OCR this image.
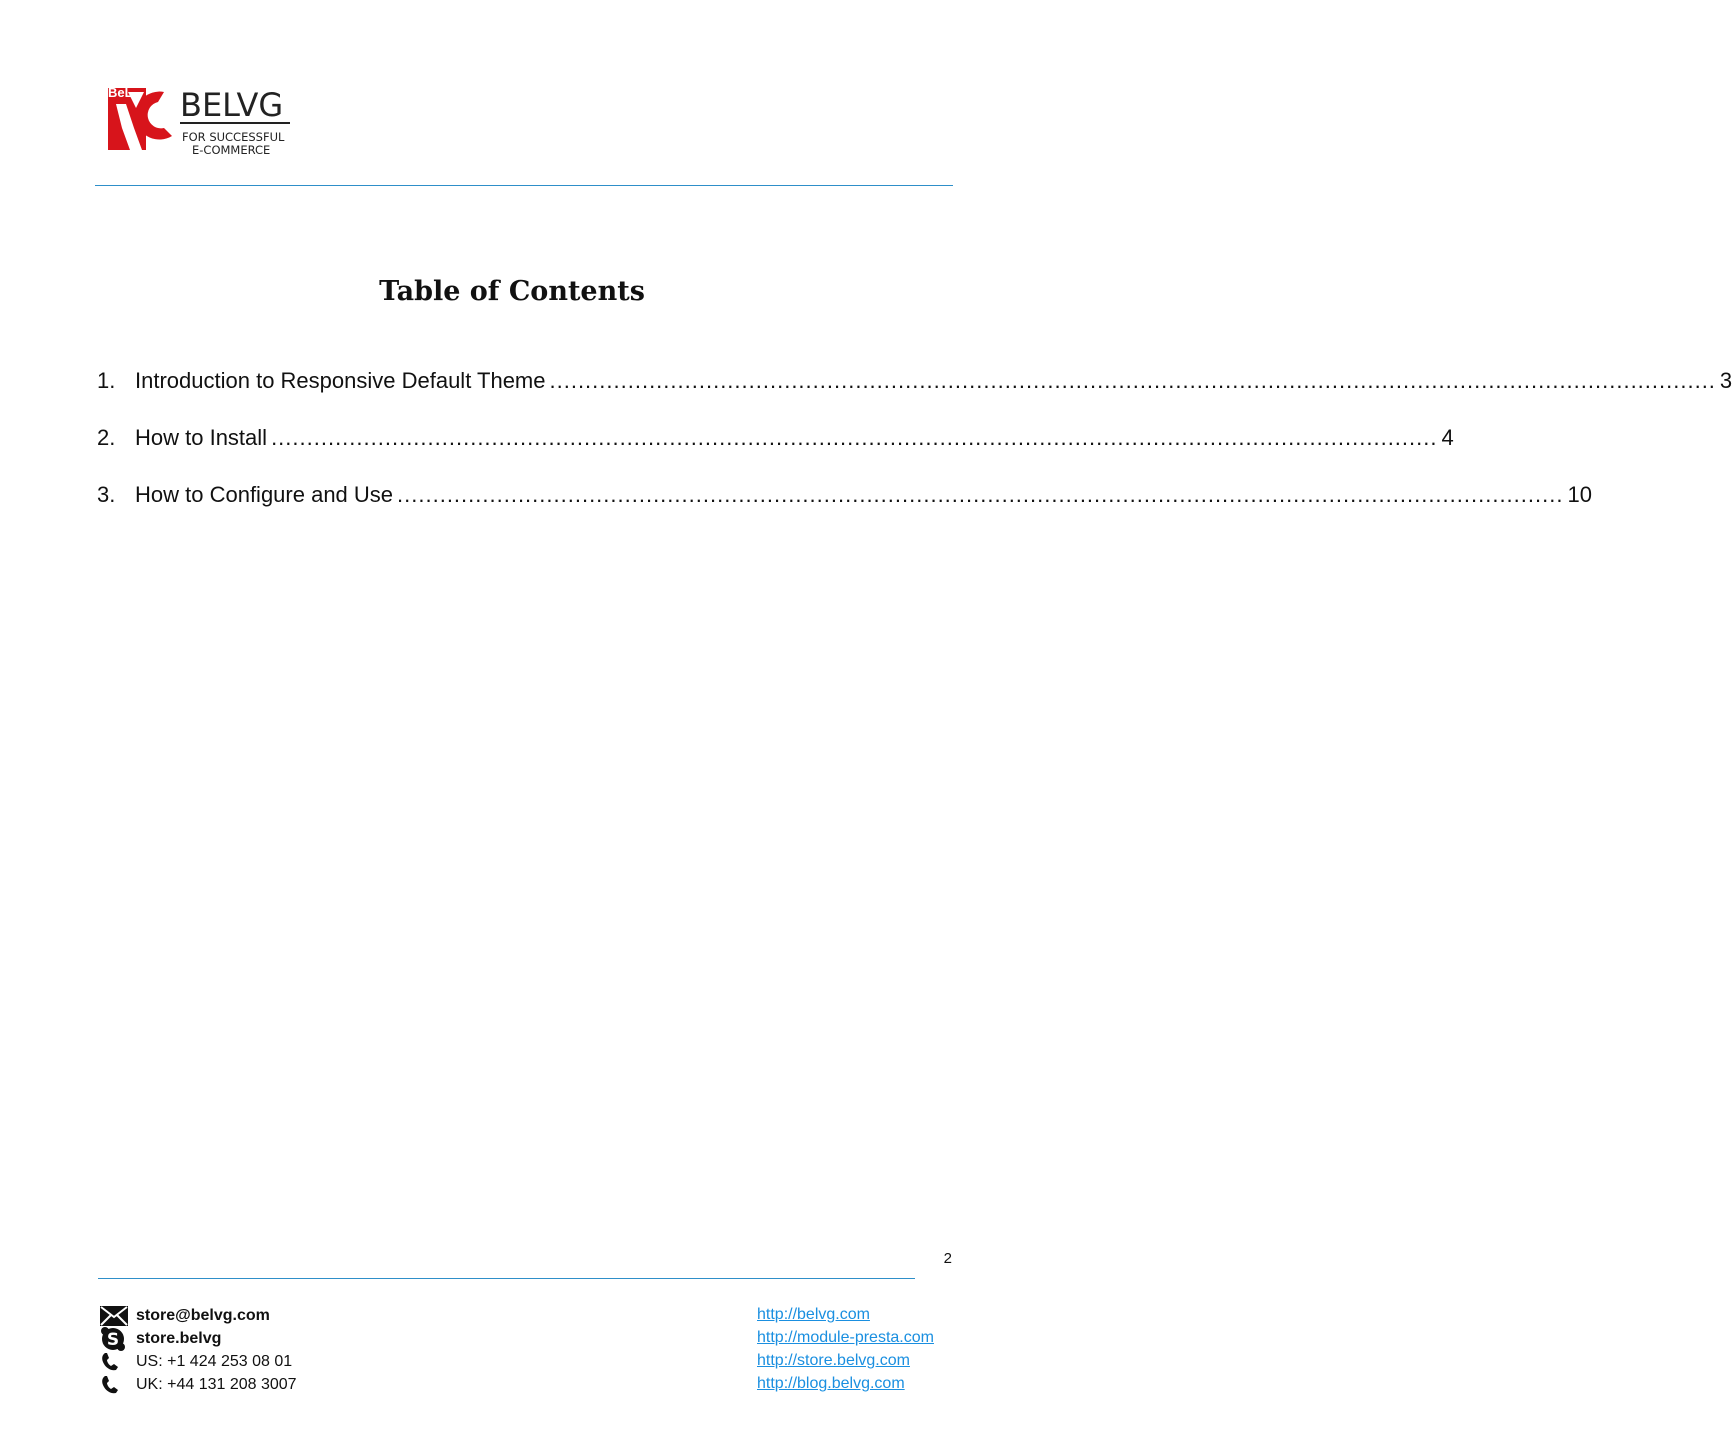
BeL BELVG
FOR SUCCESSFUL
E-COMMERCE
Table of Contents
1. Introduction to Responsive Default Theme .................................................................................................................................................................... 3
2. How to Install .................................................................................................................................................................... 4
3. How to Configure and Use .................................................................................................................................................................... 10
2
store@belvg.com
S store.belvg
US: +1 424 253 08 01
UK: +44 131 208 3007
http://belvg.com
http://module-presta.com
http://store.belvg.com
http://blog.belvg.com
